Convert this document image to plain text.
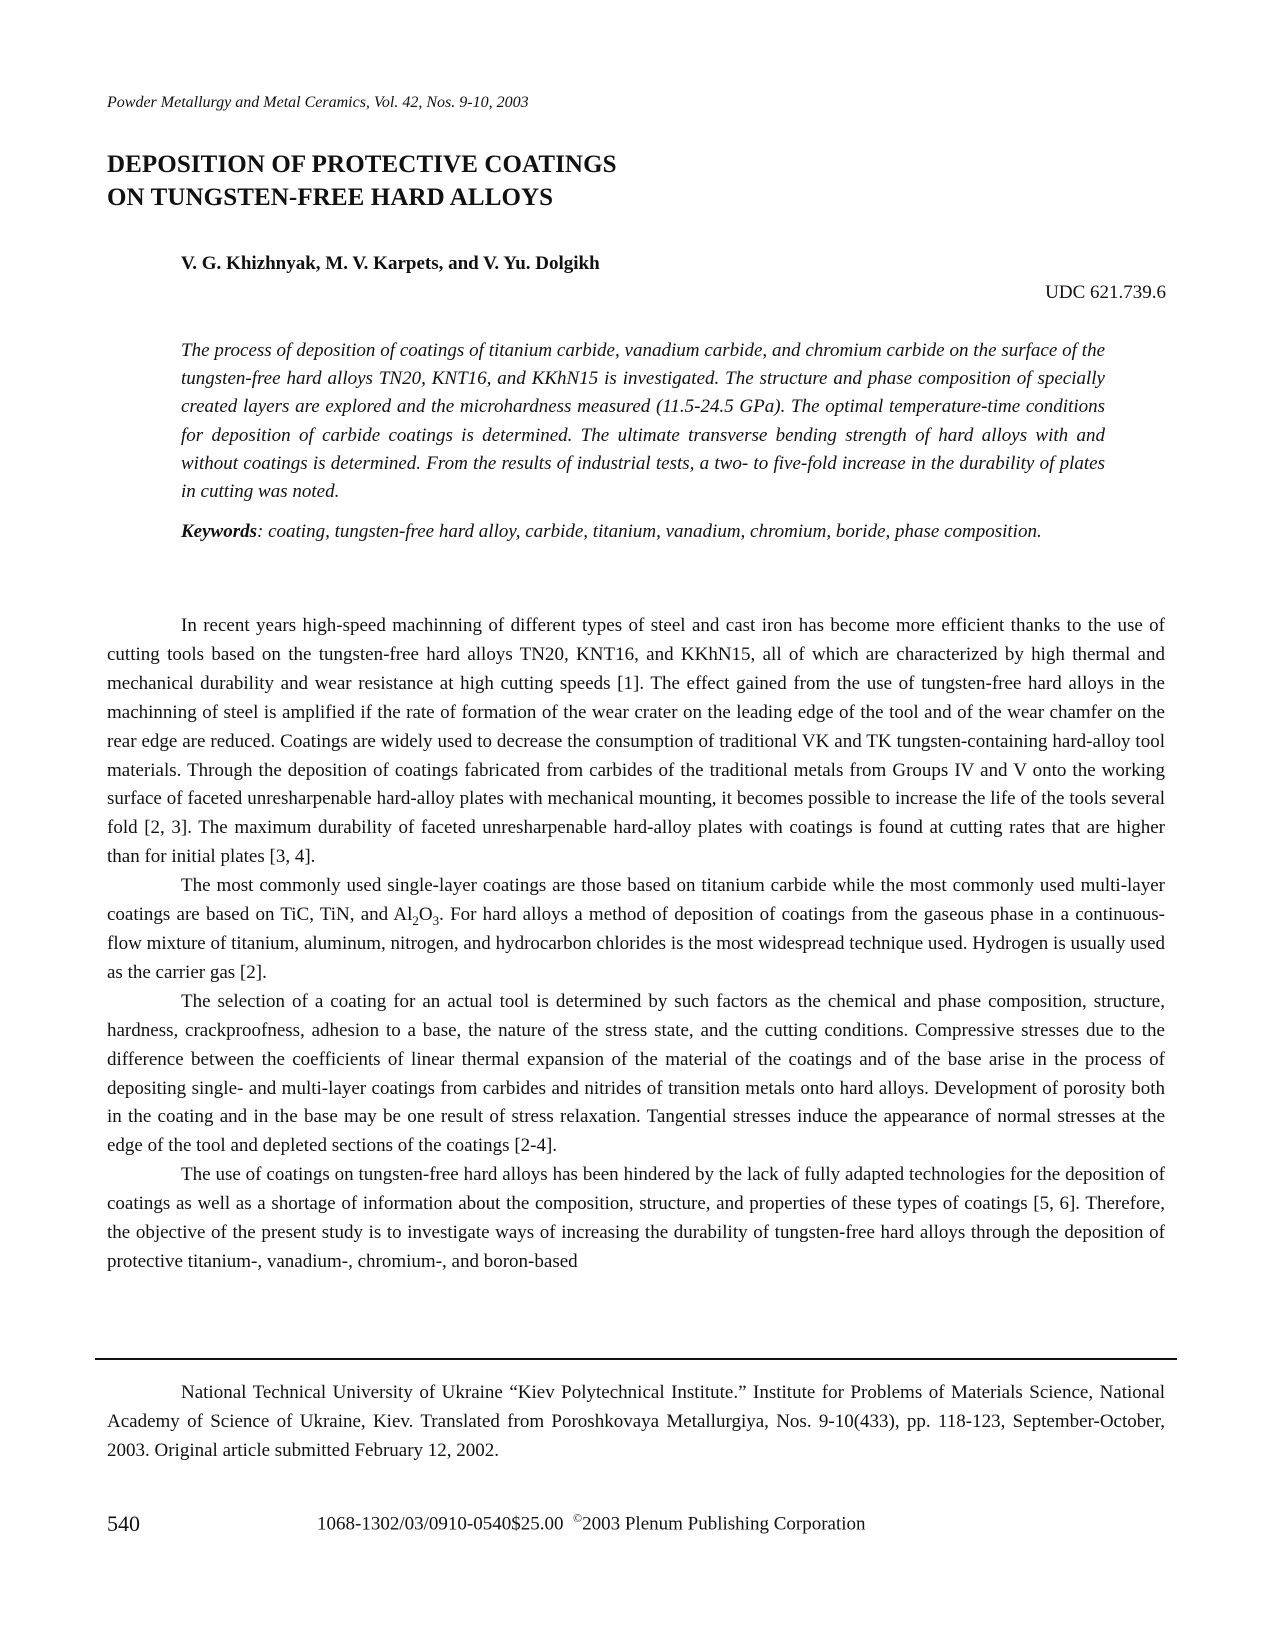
Powder Metallurgy and Metal Ceramics, Vol. 42, Nos. 9-10, 2003
DEPOSITION OF PROTECTIVE COATINGS
ON TUNGSTEN-FREE HARD ALLOYS
V. G. Khizhnyak, M. V. Karpets, and V. Yu. Dolgikh
UDC 621.739.6

The process of deposition of coatings of titanium carbide, vanadium carbide, and chromium carbide on the surface of the tungsten-free hard alloys TN20, KNT16, and KKhN15 is investigated. The structure and phase composition of specially created layers are explored and the microhardness measured (11.5-24.5 GPa). The optimal temperature-time conditions for deposition of carbide coatings is determined. The ultimate transverse bending strength of hard alloys with and without coatings is determined. From the results of industrial tests, a two- to five-fold increase in the durability of plates in cutting was noted.

Keywords: coating, tungsten-free hard alloy, carbide, titanium, vanadium, chromium, boride, phase composition.

In recent years high-speed machinning of different types of steel and cast iron has become more efficient thanks to the use of cutting tools based on the tungsten-free hard alloys TN20, KNT16, and KKhN15, all of which are characterized by high thermal and mechanical durability and wear resistance at high cutting speeds [1]. The effect gained from the use of tungsten-free hard alloys in the machinning of steel is amplified if the rate of formation of the wear crater on the leading edge of the tool and of the wear chamfer on the rear edge are reduced. Coatings are widely used to decrease the consumption of traditional VK and TK tungsten-containing hard-alloy tool materials. Through the deposition of coatings fabricated from carbides of the traditional metals from Groups IV and V onto the working surface of faceted unresharpenable hard-alloy plates with mechanical mounting, it becomes possible to increase the life of the tools several fold [2, 3]. The maximum durability of faceted unresharpenable hard-alloy plates with coatings is found at cutting rates that are higher than for initial plates [3, 4].

The most commonly used single-layer coatings are those based on titanium carbide while the most commonly used multi-layer coatings are based on TiC, TiN, and $Al_2O_3$. For hard alloys a method of deposition of coatings from the gaseous phase in a continuous-flow mixture of titanium, aluminum, nitrogen, and hydrocarbon chlorides is the most widespread technique used. Hydrogen is usually used as the carrier gas [2].

The selection of a coating for an actual tool is determined by such factors as the chemical and phase composition, structure, hardness, crackproofness, adhesion to a base, the nature of the stress state, and the cutting conditions. Compressive stresses due to the difference between the coefficients of linear thermal expansion of the material of the coatings and of the base arise in the process of depositing single- and multi-layer coatings from carbides and nitrides of transition metals onto hard alloys. Development of porosity both in the coating and in the base may be one result of stress relaxation. Tangential stresses induce the appearance of normal stresses at the edge of the tool and depleted sections of the coatings [2-4].

The use of coatings on tungsten-free hard alloys has been hindered by the lack of fully adapted technologies for the deposition of coatings as well as a shortage of information about the composition, structure, and properties of these types of coatings [5, 6]. Therefore, the objective of the present study is to investigate ways of increasing the durability of tungsten-free hard alloys through the deposition of protective titanium-, vanadium-, chromium-, and boron-based

National Technical University of Ukraine “Kiev Polytechnical Institute.” Institute for Problems of Materials Science, National Academy of Science of Ukraine, Kiev. Translated from Poroshkovaya Metallurgiya, Nos. 9-10(433), pp. 118-123, September-October, 2003. Original article submitted February 12, 2002.

540	1068-1302/03/0910-0540$25.00 ©2003 Plenum Publishing Corporation
